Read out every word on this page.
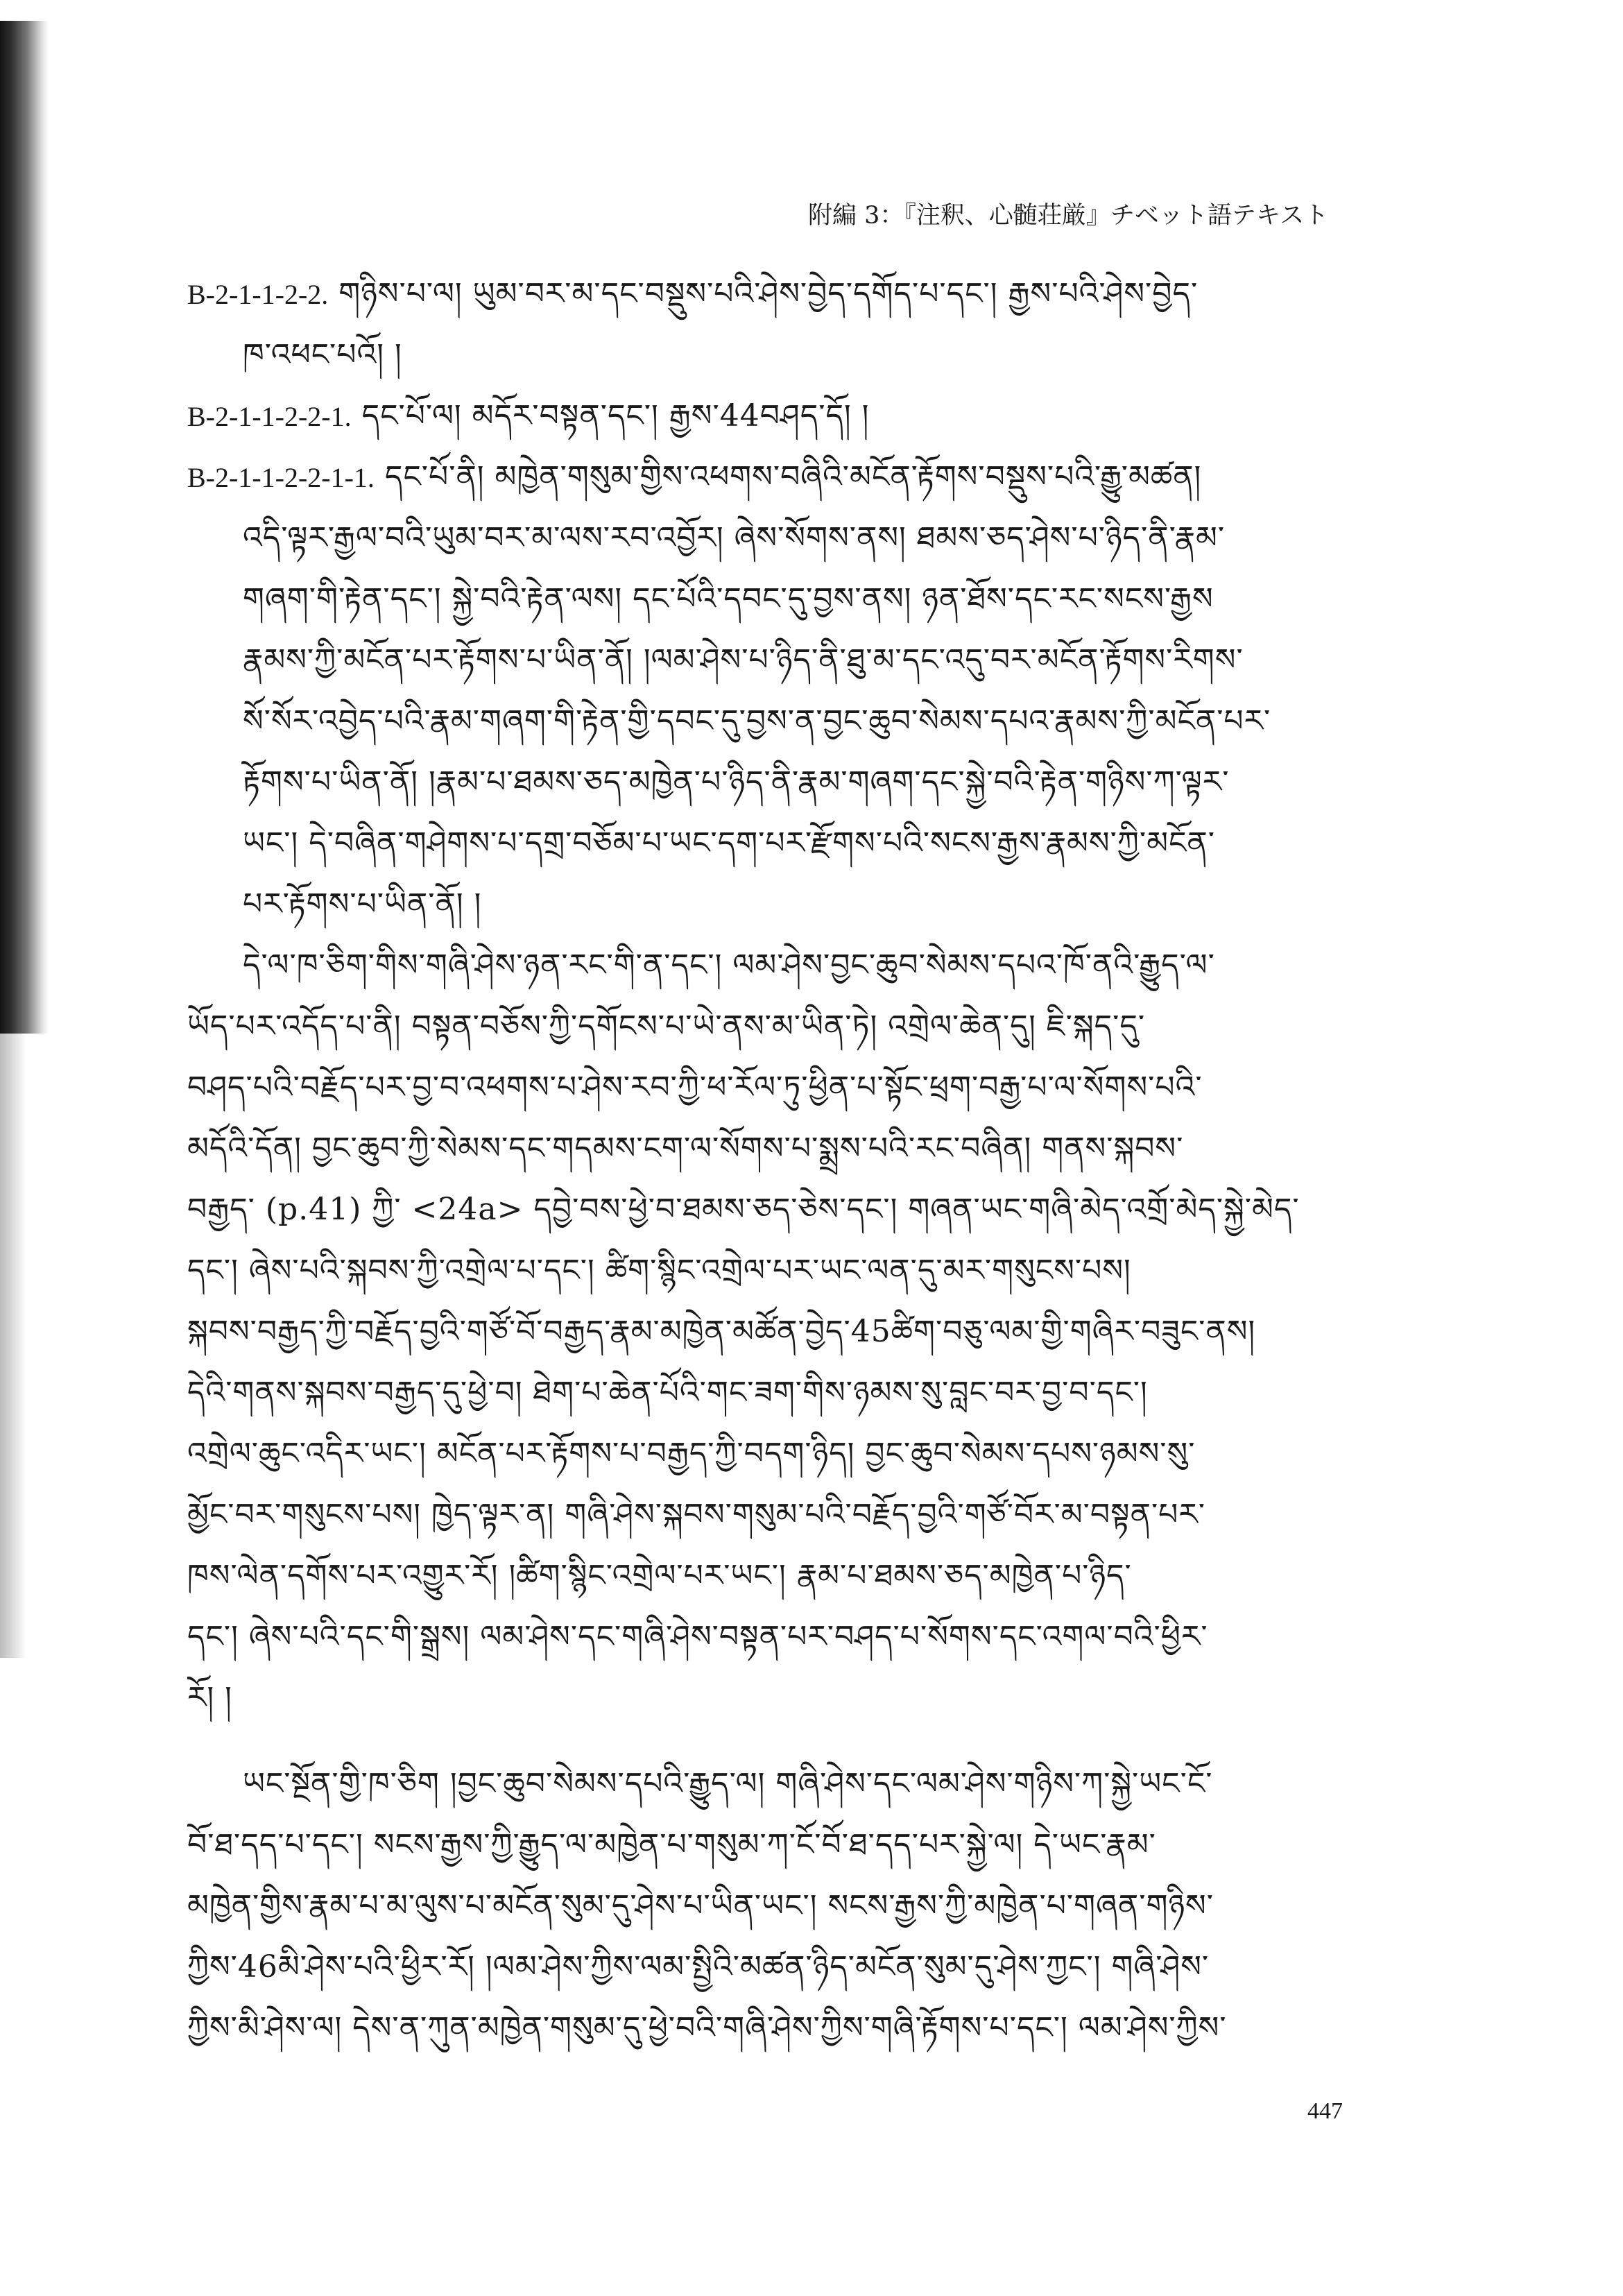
附編 3：『注釈、心髄荘厳』チベット語テキスト
B-2-1-1-2-2. གཉིས་པ་ལ། ཡུམ་བར་མ་དང་བསྡུས་པའི་ཤེས་བྱེད་དགོད་པ་དང་། རྒྱས་པའི་ཤེས་བྱེད་
ཁ་འཕང་པའོ། །
B-2-1-1-2-2-1. དང་པོ་ལ། མདོར་བསྟན་དང་། རྒྱས་44བཤད་དོ། །
B-2-1-1-2-2-1-1. དང་པོ་ནི། མཁྱེན་གསུམ་གྱིས་འཕགས་བཞིའི་མངོན་རྟོགས་བསྡུས་པའི་རྒྱུ་མཚན།
འདི་ལྟར་རྒྱལ་བའི་ཡུམ་བར་མ་ལས་རབ་འབྱོར། ཞེས་སོགས་ནས། ཐམས་ཅད་ཤེས་པ་ཉིད་ནི་རྣམ་
གཞག་གི་རྟེན་དང་། སྐྱེ་བའི་རྟེན་ལས། དང་པོའི་དབང་དུ་བྱས་ནས། ཉན་ཐོས་དང་རང་སངས་རྒྱས
རྣམས་ཀྱི་མངོན་པར་རྟོགས་པ་ཡིན་ནོ། །ལམ་ཤེས་པ་ཉིད་ནི་ཐུ་མ་དང་འདུ་བར་མངོན་རྟོགས་རིགས་
སོ་སོར་འབྱེད་པའི་རྣམ་གཞག་གི་རྟེན་གྱི་དབང་དུ་བྱས་ན་བྱང་ཆུབ་སེམས་དཔའ་རྣམས་ཀྱི་མངོན་པར་
རྟོགས་པ་ཡིན་ནོ། །རྣམ་པ་ཐམས་ཅད་མཁྱེན་པ་ཉིད་ནི་རྣམ་གཞག་དང་སྐྱེ་བའི་རྟེན་གཉིས་ཀ་ལྟར་
ཡང་། དེ་བཞིན་གཤེགས་པ་དགྲ་བཅོམ་པ་ཡང་དག་པར་རྫོགས་པའི་སངས་རྒྱས་རྣམས་ཀྱི་མངོན་
པར་རྟོགས་པ་ཡིན་ནོ། །
དེ་ལ་ཁ་ཅིག་གིས་གཞི་ཤེས་ཉན་རང་གི་ན་དང་། ལམ་ཤེས་བྱང་ཆུབ་སེམས་དཔའ་ཁོ་ནའི་རྒྱུད་ལ་
ཡོད་པར་འདོད་པ་ནི། བསྟན་བཅོས་ཀྱི་དགོངས་པ་ཡེ་ནས་མ་ཡིན་ཏེ། འགྲེལ་ཆེན་དུ། ཇི་སྐད་དུ་
བཤད་པའི་བརྗོད་པར་བྱ་བ་འཕགས་པ་ཤེས་རབ་ཀྱི་ཕ་རོལ་ཏུ་ཕྱིན་པ་སྟོང་ཕྲག་བརྒྱ་པ་ལ་སོགས་པའི་
མདོའི་དོན། བྱང་ཆུབ་ཀྱི་སེམས་དང་གདམས་ངག་ལ་སོགས་པ་སྨྲས་པའི་རང་བཞིན། གནས་སྐབས་
བརྒྱད་ (p.41) ཀྱི་ <24a> དབྱེ་བས་ཕྱེ་བ་ཐམས་ཅད་ཅེས་དང་། གཞན་ཡང་གཞི་མེད་འགྲོ་མེད་སྐྱེ་མེད་
དང་། ཞེས་པའི་སྐབས་ཀྱི་འགྲེལ་པ་དང་། ཚིག་སྙིང་འགྲེལ་པར་ཡང་ལན་དུ་མར་གསུངས་པས།
སྐབས་བརྒྱད་ཀྱི་བརྗོད་བྱའི་གཙོ་བོ་བརྒྱད་རྣམ་མཁྱེན་མཚོན་བྱེད་45ཚིག་བཅུ་ལམ་གྱི་གཞིར་བཟུང་ནས།
དེའི་གནས་སྐབས་བརྒྱད་དུ་ཕྱེ་བ། ཐེག་པ་ཆེན་པོའི་གང་ཟག་གིས་ཉམས་སུ་བླང་བར་བྱ་བ་དང་།
འགྲེལ་ཆུང་འདིར་ཡང་། མངོན་པར་རྟོགས་པ་བརྒྱད་ཀྱི་བདག་ཉིད། བྱང་ཆུབ་སེམས་དཔས་ཉམས་སུ་
མྱོང་བར་གསུངས་པས། ཁྱེད་ལྟར་ན། གཞི་ཤེས་སྐབས་གསུམ་པའི་བརྗོད་བྱའི་གཙོ་བོར་མ་བསྟན་པར་
ཁས་ལེན་དགོས་པར་འགྱུར་རོ། །ཚིག་སྙིང་འགྲེལ་པར་ཡང་། རྣམ་པ་ཐམས་ཅད་མཁྱེན་པ་ཉིད་
དང་། ཞེས་པའི་དང་གི་སྒྲས། ལམ་ཤེས་དང་གཞི་ཤེས་བསྟན་པར་བཤད་པ་སོགས་དང་འགལ་བའི་ཕྱིར་
རོ། །
ཡང་སྔོན་གྱི་ཁ་ཅིག །བྱང་ཆུབ་སེམས་དཔའི་རྒྱུད་ལ། གཞི་ཤེས་དང་ལམ་ཤེས་གཉིས་ཀ་སྐྱེ་ཡང་ངོ་
བོ་ཐ་དད་པ་དང་། སངས་རྒྱས་ཀྱི་རྒྱུད་ལ་མཁྱེན་པ་གསུམ་ཀ་ངོ་བོ་ཐ་དད་པར་སྐྱེ་ལ། དེ་ཡང་རྣམ་
མཁྱེན་གྱིས་རྣམ་པ་མ་ལུས་པ་མངོན་སུམ་དུ་ཤེས་པ་ཡིན་ཡང་། སངས་རྒྱས་ཀྱི་མཁྱེན་པ་གཞན་གཉིས་
ཀྱིས་46མི་ཤེས་པའི་ཕྱིར་རོ། །ལམ་ཤེས་ཀྱིས་ལམ་སྤྱིའི་མཚན་ཉིད་མངོན་སུམ་དུ་ཤེས་ཀྱང་། གཞི་ཤེས་
ཀྱིས་མི་ཤེས་ལ། དེས་ན་ཀུན་མཁྱེན་གསུམ་དུ་ཕྱེ་བའི་གཞི་ཤེས་ཀྱིས་གཞི་རྟོགས་པ་དང་། ལམ་ཤེས་ཀྱིས་
447
